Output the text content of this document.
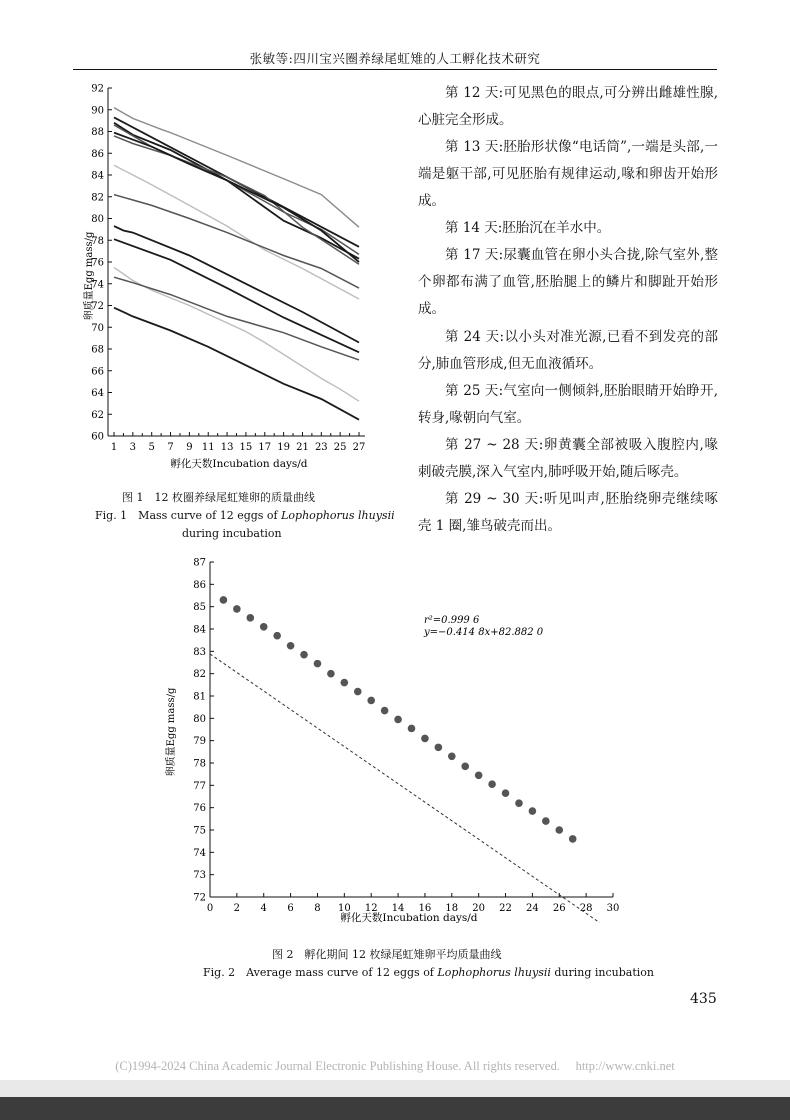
张敏等:四川宝兴圈养绿尾虹雉的人工孵化技术研究
60
62
64
66
68
70
72
74
76
78
80
82
84
86
88
90
92
1 3 5 7 9 11 13 15 17 19 21 23 25 27
卵质量Egg mass/g
孵化天数Incubation days/d
图 1　12 枚圈养绿尾虹雉卵的质量曲线
Fig. 1　Mass curve of 12 eggs of Lophophorus lhuysii
during incubation
第 12 天:可见黑色的眼点,可分辨出雌雄性腺,心脏完全形成。
第 13 天:胚胎形状像“电话筒”,一端是头部,一端是躯干部,可见胚胎有规律运动,喙和卵齿开始形成。
第 14 天:胚胎沉在羊水中。
第 17 天:尿囊血管在卵小头合拢,除气室外,整个卵都布满了血管,胚胎腿上的鳞片和脚趾开始形成。
第 24 天:以小头对准光源,已看不到发亮的部分,肺血管形成,但无血液循环。
第 25 天:气室向一侧倾斜,胚胎眼睛开始睁开,转身,喙朝向气室。
第 27 ~ 28 天:卵黄囊全部被吸入腹腔内,喙刺破壳膜,深入气室内,肺呼吸开始,随后啄壳。
第 29 ~ 30 天:听见叫声,胚胎绕卵壳继续啄壳 1 圈,雏鸟破壳而出。
72
73
74
75
76
77
78
79
80
81
82
83
84
85
86
87
0 2 4 6 8 10 12 14 16 18 20 22 24 26 28 30
卵质量Egg mass/g
孵化天数Incubation days/d
r²=0.999 6
y=−0.414 8x+82.882 0
图 2　孵化期间 12 枚绿尾虹雉卵平均质量曲线
Fig. 2　Average mass curve of 12 eggs of Lophophorus lhuysii during incubation
435
(C)1994-2024 China Academic Journal Electronic Publishing House. All rights reserved.　 http://www.cnki.net
